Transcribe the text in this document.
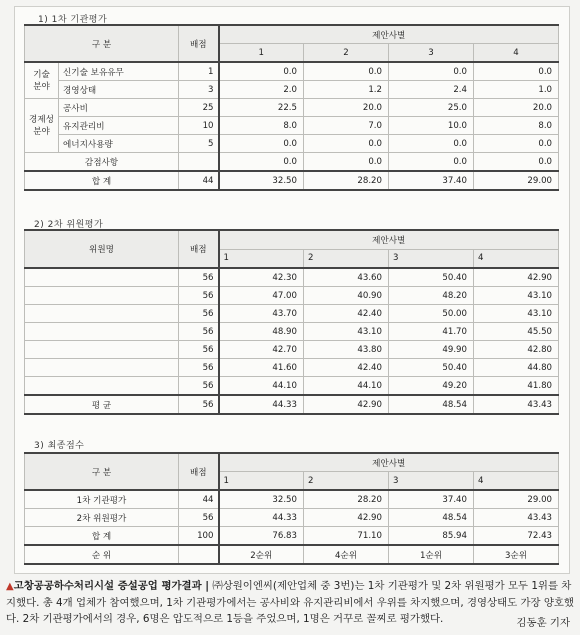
1) 1차 기관평가
구 분		배점	제안사별			
			1	2	3	4
기술
분야	신기술 보유유무	1	0.0	0.0	0.0	0.0
	경영상태	3	2.0	1.2	2.4	1.0
경제성
분야	공사비	25	22.5	20.0	25.0	20.0
	유지관리비	10	8.0	7.0	10.0	8.0
	에너지사용량	5	0.0	0.0	0.0	0.0
감점사항			0.0	0.0	0.0	0.0
합 계		44	32.50	28.20	37.40	29.00
2) 2차 위원평가
위원명	배점	제안사별			
		1	2	3	4
	56	42.30	43.60	50.40	42.90
	56	47.00	40.90	48.20	43.10
	56	43.70	42.40	50.00	43.10
	56	48.90	43.10	41.70	45.50
	56	42.70	43.80	49.90	42.80
	56	41.60	42.40	50.40	44.80
	56	44.10	44.10	49.20	41.80
평 균	56	44.33	42.90	48.54	43.43
3) 최종점수
구 분	배점	제안사별			
		1	2	3	4
1차 기관평가	44	32.50	28.20	37.40	29.00
2차 위원평가	56	44.33	42.90	48.54	43.43
합 계	100	76.83	71.10	85.94	72.43
순 위		2순위	4순위	1순위	3순위
▲고창공공하수처리시설 증설공업 평가결과 | ㈜상원이엔씨(제안업체 중 3번)는 1차 기관평가 및 2차 위원평가 모두 1위를 차지했다. 총 4개 업체가 참여했으며, 1차 기관평가에서는 공사비와 유지관리비에서 우위를 차지했으며, 경영상태도 가장 양호했다. 2차 기관평가에서의 경우, 6명은 압도적으로 1등을 주었으며, 1명은 거꾸로 꼴찌로 평가했다.	김동훈 기자
